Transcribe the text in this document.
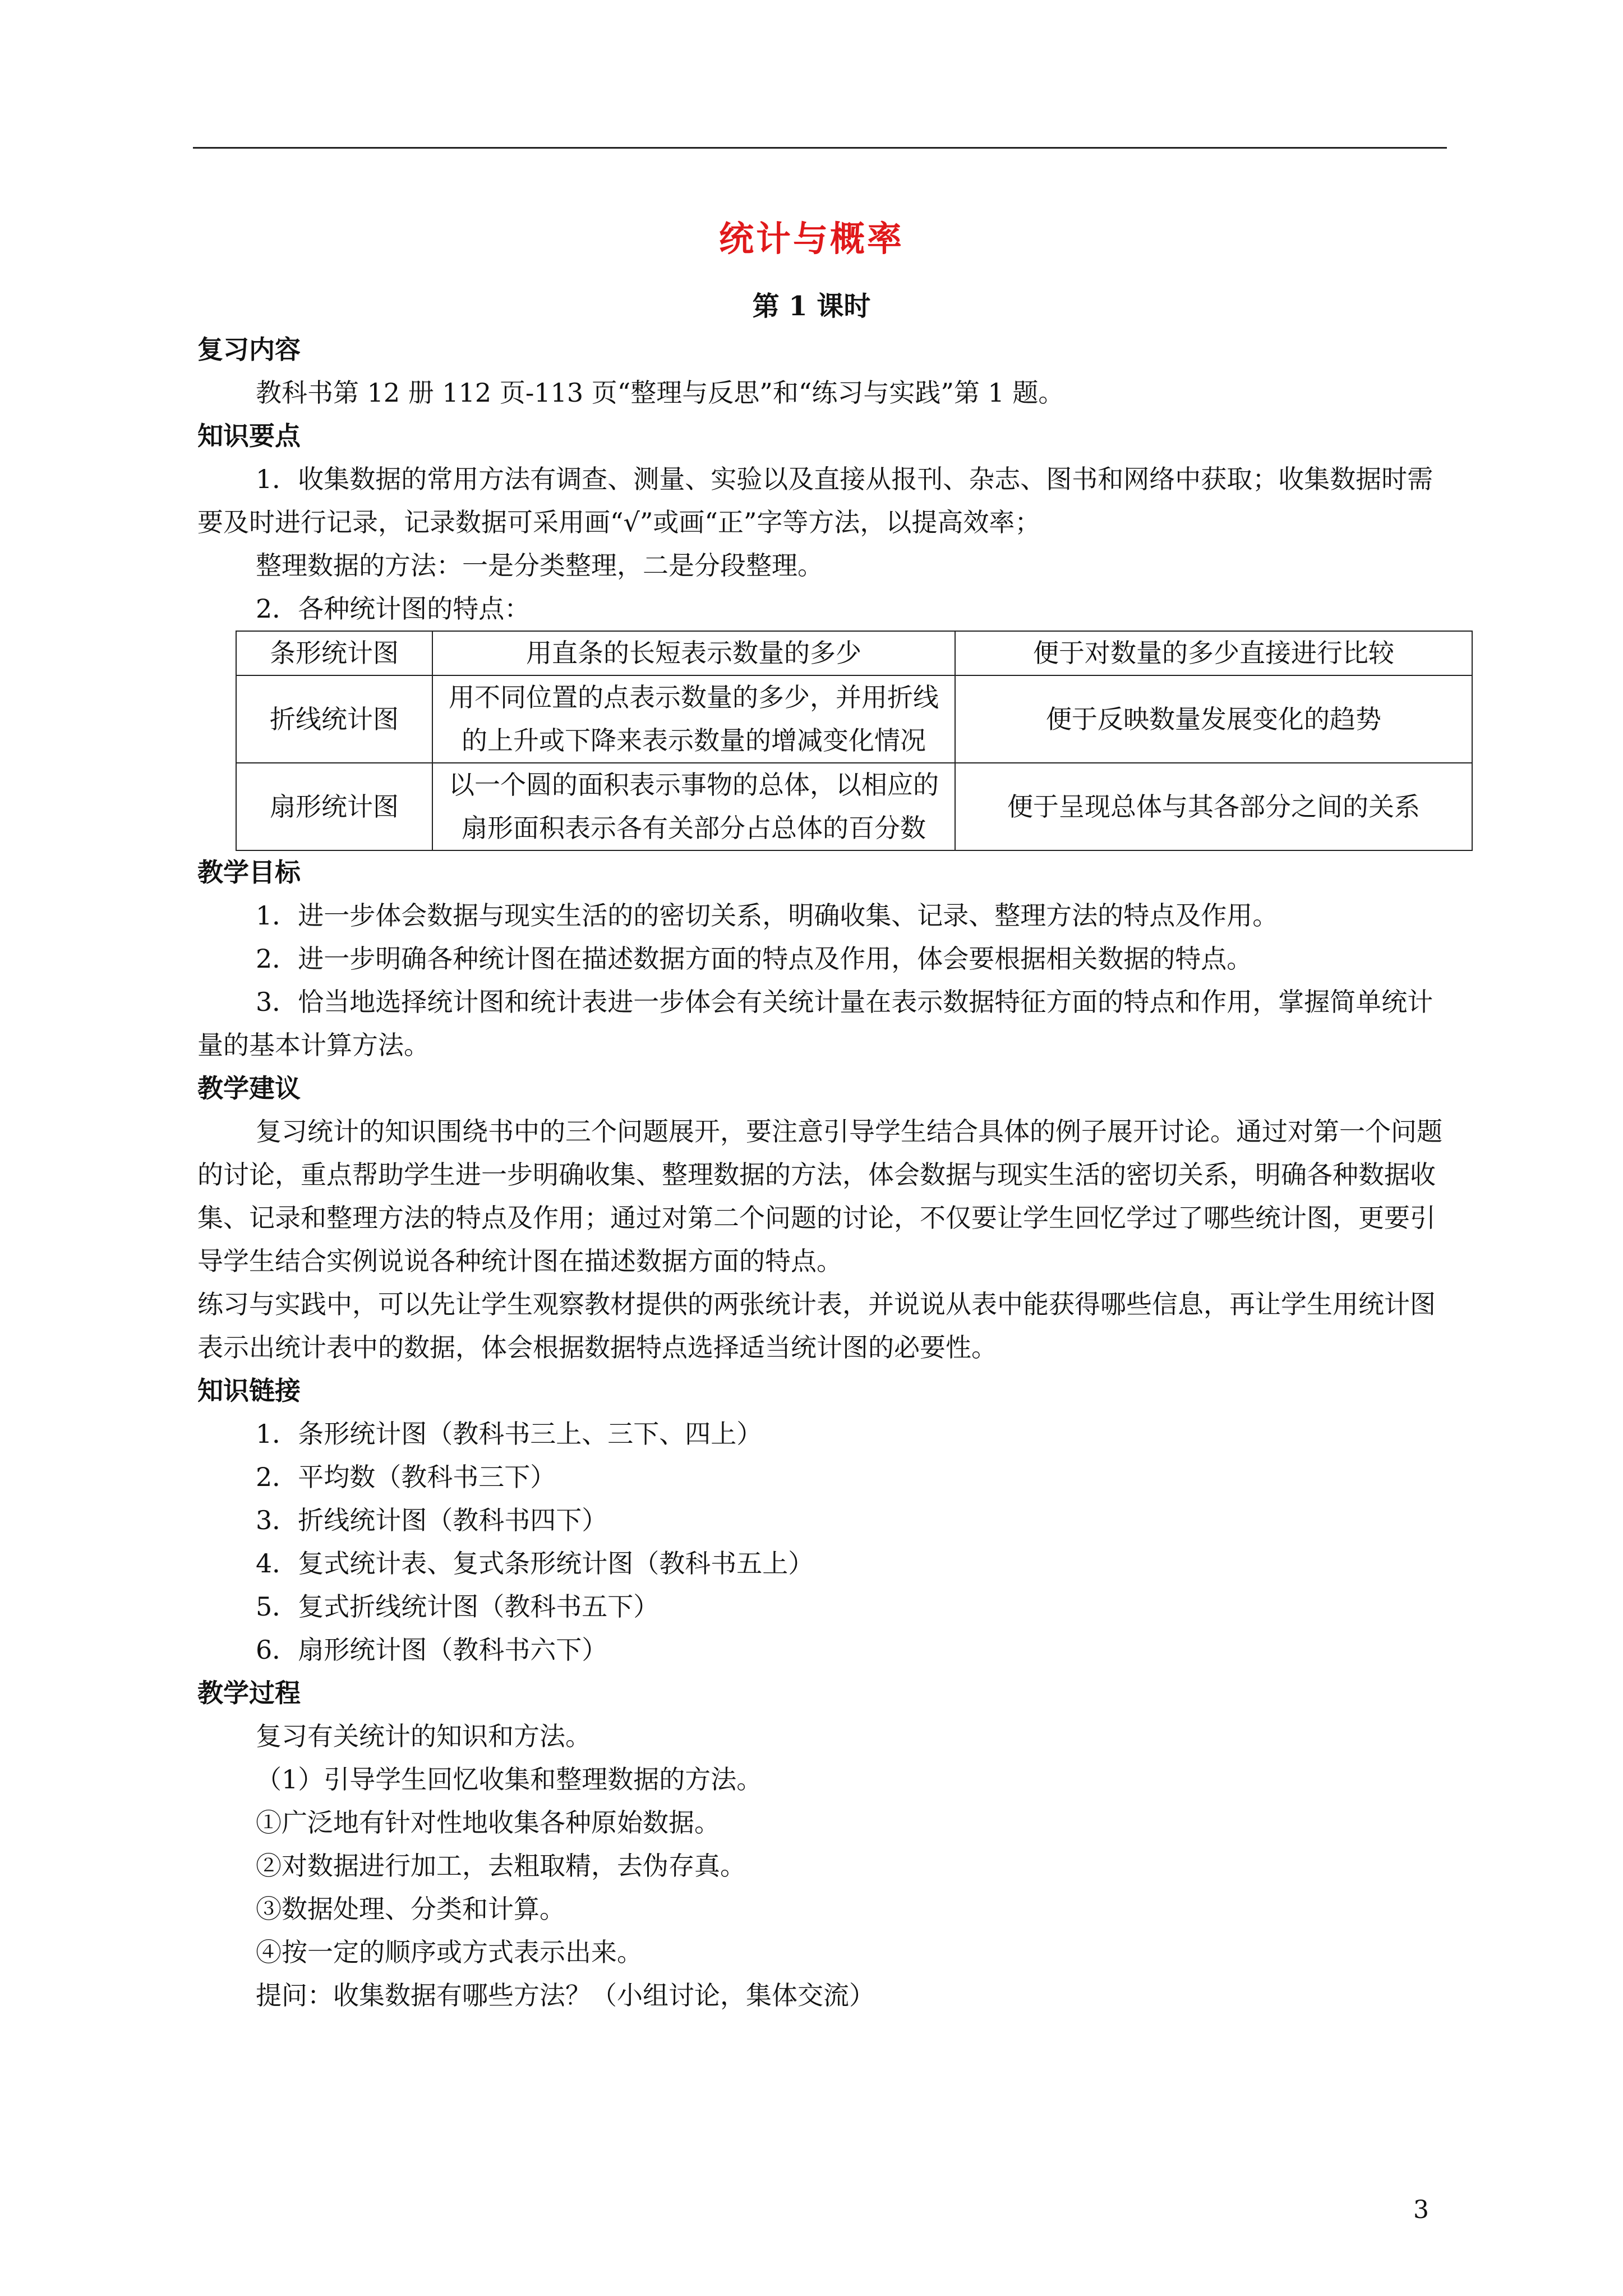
统计与概率
第 1 课时

复习内容

教科书第 12 册 112 页-113 页“整理与反思”和“练习与实践”第 1 题。

知识要点

1．收集数据的常用方法有调查、测量、实验以及直接从报刊、杂志、图书和网络中获取；收集数据时需要及时进行记录，记录数据可采用画“√”或画“正”字等方法，以提高效率；

整理数据的方法：一是分类整理，二是分段整理。

2．各种统计图的特点：

条形统计图	用直条的长短表示数量的多少	便于对数量的多少直接进行比较
折线统计图	用不同位置的点表示数量的多少，并用折线的上升或下降来表示数量的增减变化情况	便于反映数量发展变化的趋势
扇形统计图	以一个圆的面积表示事物的总体，以相应的扇形面积表示各有关部分占总体的百分数	便于呈现总体与其各部分之间的关系

教学目标

1．进一步体会数据与现实生活的的密切关系，明确收集、记录、整理方法的特点及作用。

2．进一步明确各种统计图在描述数据方面的特点及作用，体会要根据相关数据的特点。

3．恰当地选择统计图和统计表进一步体会有关统计量在表示数据特征方面的特点和作用，掌握简单统计量的基本计算方法。

教学建议

复习统计的知识围绕书中的三个问题展开，要注意引导学生结合具体的例子展开讨论。通过对第一个问题的讨论，重点帮助学生进一步明确收集、整理数据的方法，体会数据与现实生活的密切关系，明确各种数据收集、记录和整理方法的特点及作用；通过对第二个问题的讨论，不仅要让学生回忆学过了哪些统计图，更要引导学生结合实例说说各种统计图在描述数据方面的特点。

练习与实践中，可以先让学生观察教材提供的两张统计表，并说说从表中能获得哪些信息，再让学生用统计图表示出统计表中的数据，体会根据数据特点选择适当统计图的必要性。

知识链接

1．条形统计图（教科书三上、三下、四上）

2．平均数（教科书三下）

3．折线统计图（教科书四下）

4．复式统计表、复式条形统计图（教科书五上）

5．复式折线统计图（教科书五下）

6．扇形统计图（教科书六下）

教学过程

复习有关统计的知识和方法。

（1）引导学生回忆收集和整理数据的方法。

①广泛地有针对性地收集各种原始数据。

②对数据进行加工，去粗取精，去伪存真。

③数据处理、分类和计算。

④按一定的顺序或方式表示出来。

提问：收集数据有哪些方法？（小组讨论，集体交流）

3
